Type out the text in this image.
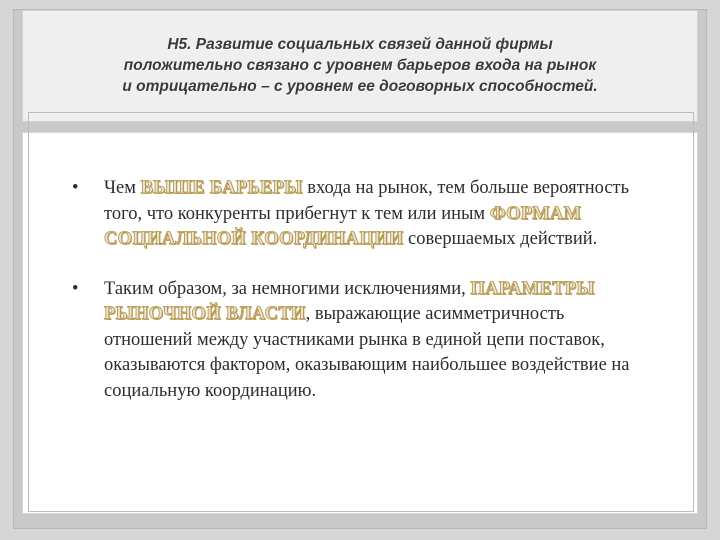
Н5. Развитие социальных связей данной фирмы
положительно связано с уровнем барьеров входа на рынок
и отрицательно – с уровнем ее договорных способностей.
•	Чем ВЫШЕ БАРЬЕРЫ входа на рынок, тем больше вероятность того, что конкуренты прибегнут к тем или иным ФОРМАМ СОЦИАЛЬНОЙ КООРДИНАЦИИ совершаемых действий.
•	Таким образом, за немногими исключениями, ПАРАМЕТРЫ РЫНОЧНОЙ ВЛАСТИ, выражающие асимметричность отношений между участниками рынка в единой цепи поставок, оказываются фактором, оказывающим наибольшее воздействие на социальную координацию.
